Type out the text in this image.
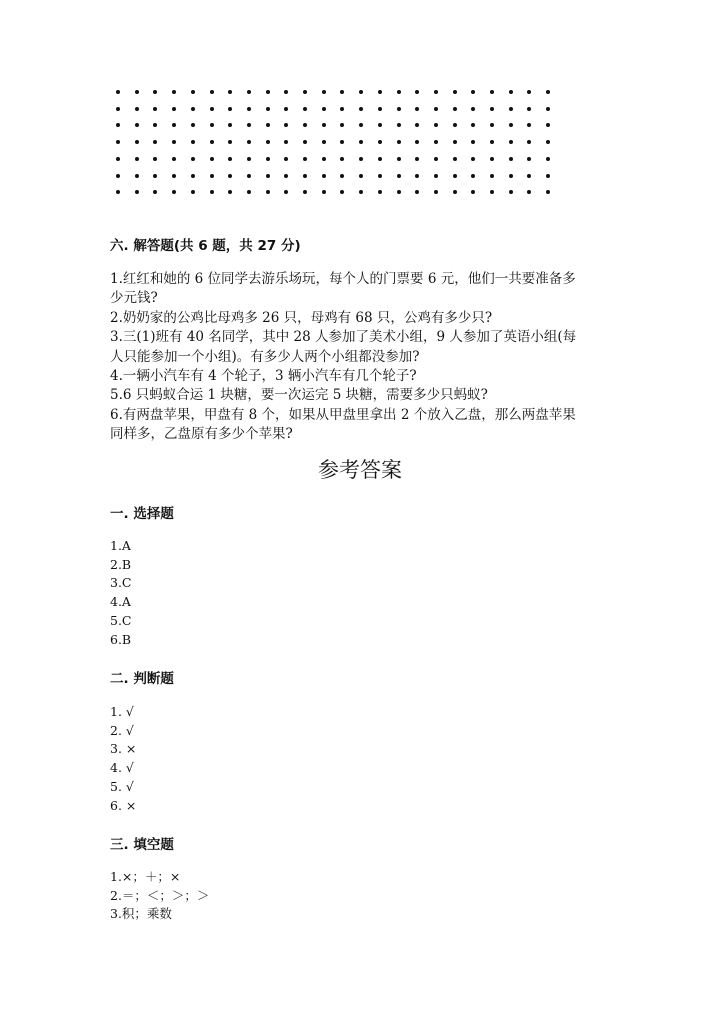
六. 解答题(共 6 题，共 27 分)
1.红红和她的 6 位同学去游乐场玩，每个人的门票要 6 元，他们一共要准备多
少元钱?
2.奶奶家的公鸡比母鸡多 26 只，母鸡有 68 只，公鸡有多少只?
3.三(1)班有 40 名同学，其中 28 人参加了美术小组，9 人参加了英语小组(每
人只能参加一个小组)。有多少人两个小组都没参加?
4.一辆小汽车有 4 个轮子，3 辆小汽车有几个轮子?
5.6 只蚂蚁合运 1 块糖，要一次运完 5 块糖，需要多少只蚂蚁?
6.有两盘苹果，甲盘有 8 个，如果从甲盘里拿出 2 个放入乙盘，那么两盘苹果
同样多，乙盘原有多少个苹果?
参考答案
一. 选择题
1.A
2.B
3.C
4.A
5.C
6.B
二. 判断题
1. √
2. √
3. ×
4. √
5. √
6. ×
三. 填空题
1.×；＋；×
2.＝；＜；＞；＞
3.积；乘数
